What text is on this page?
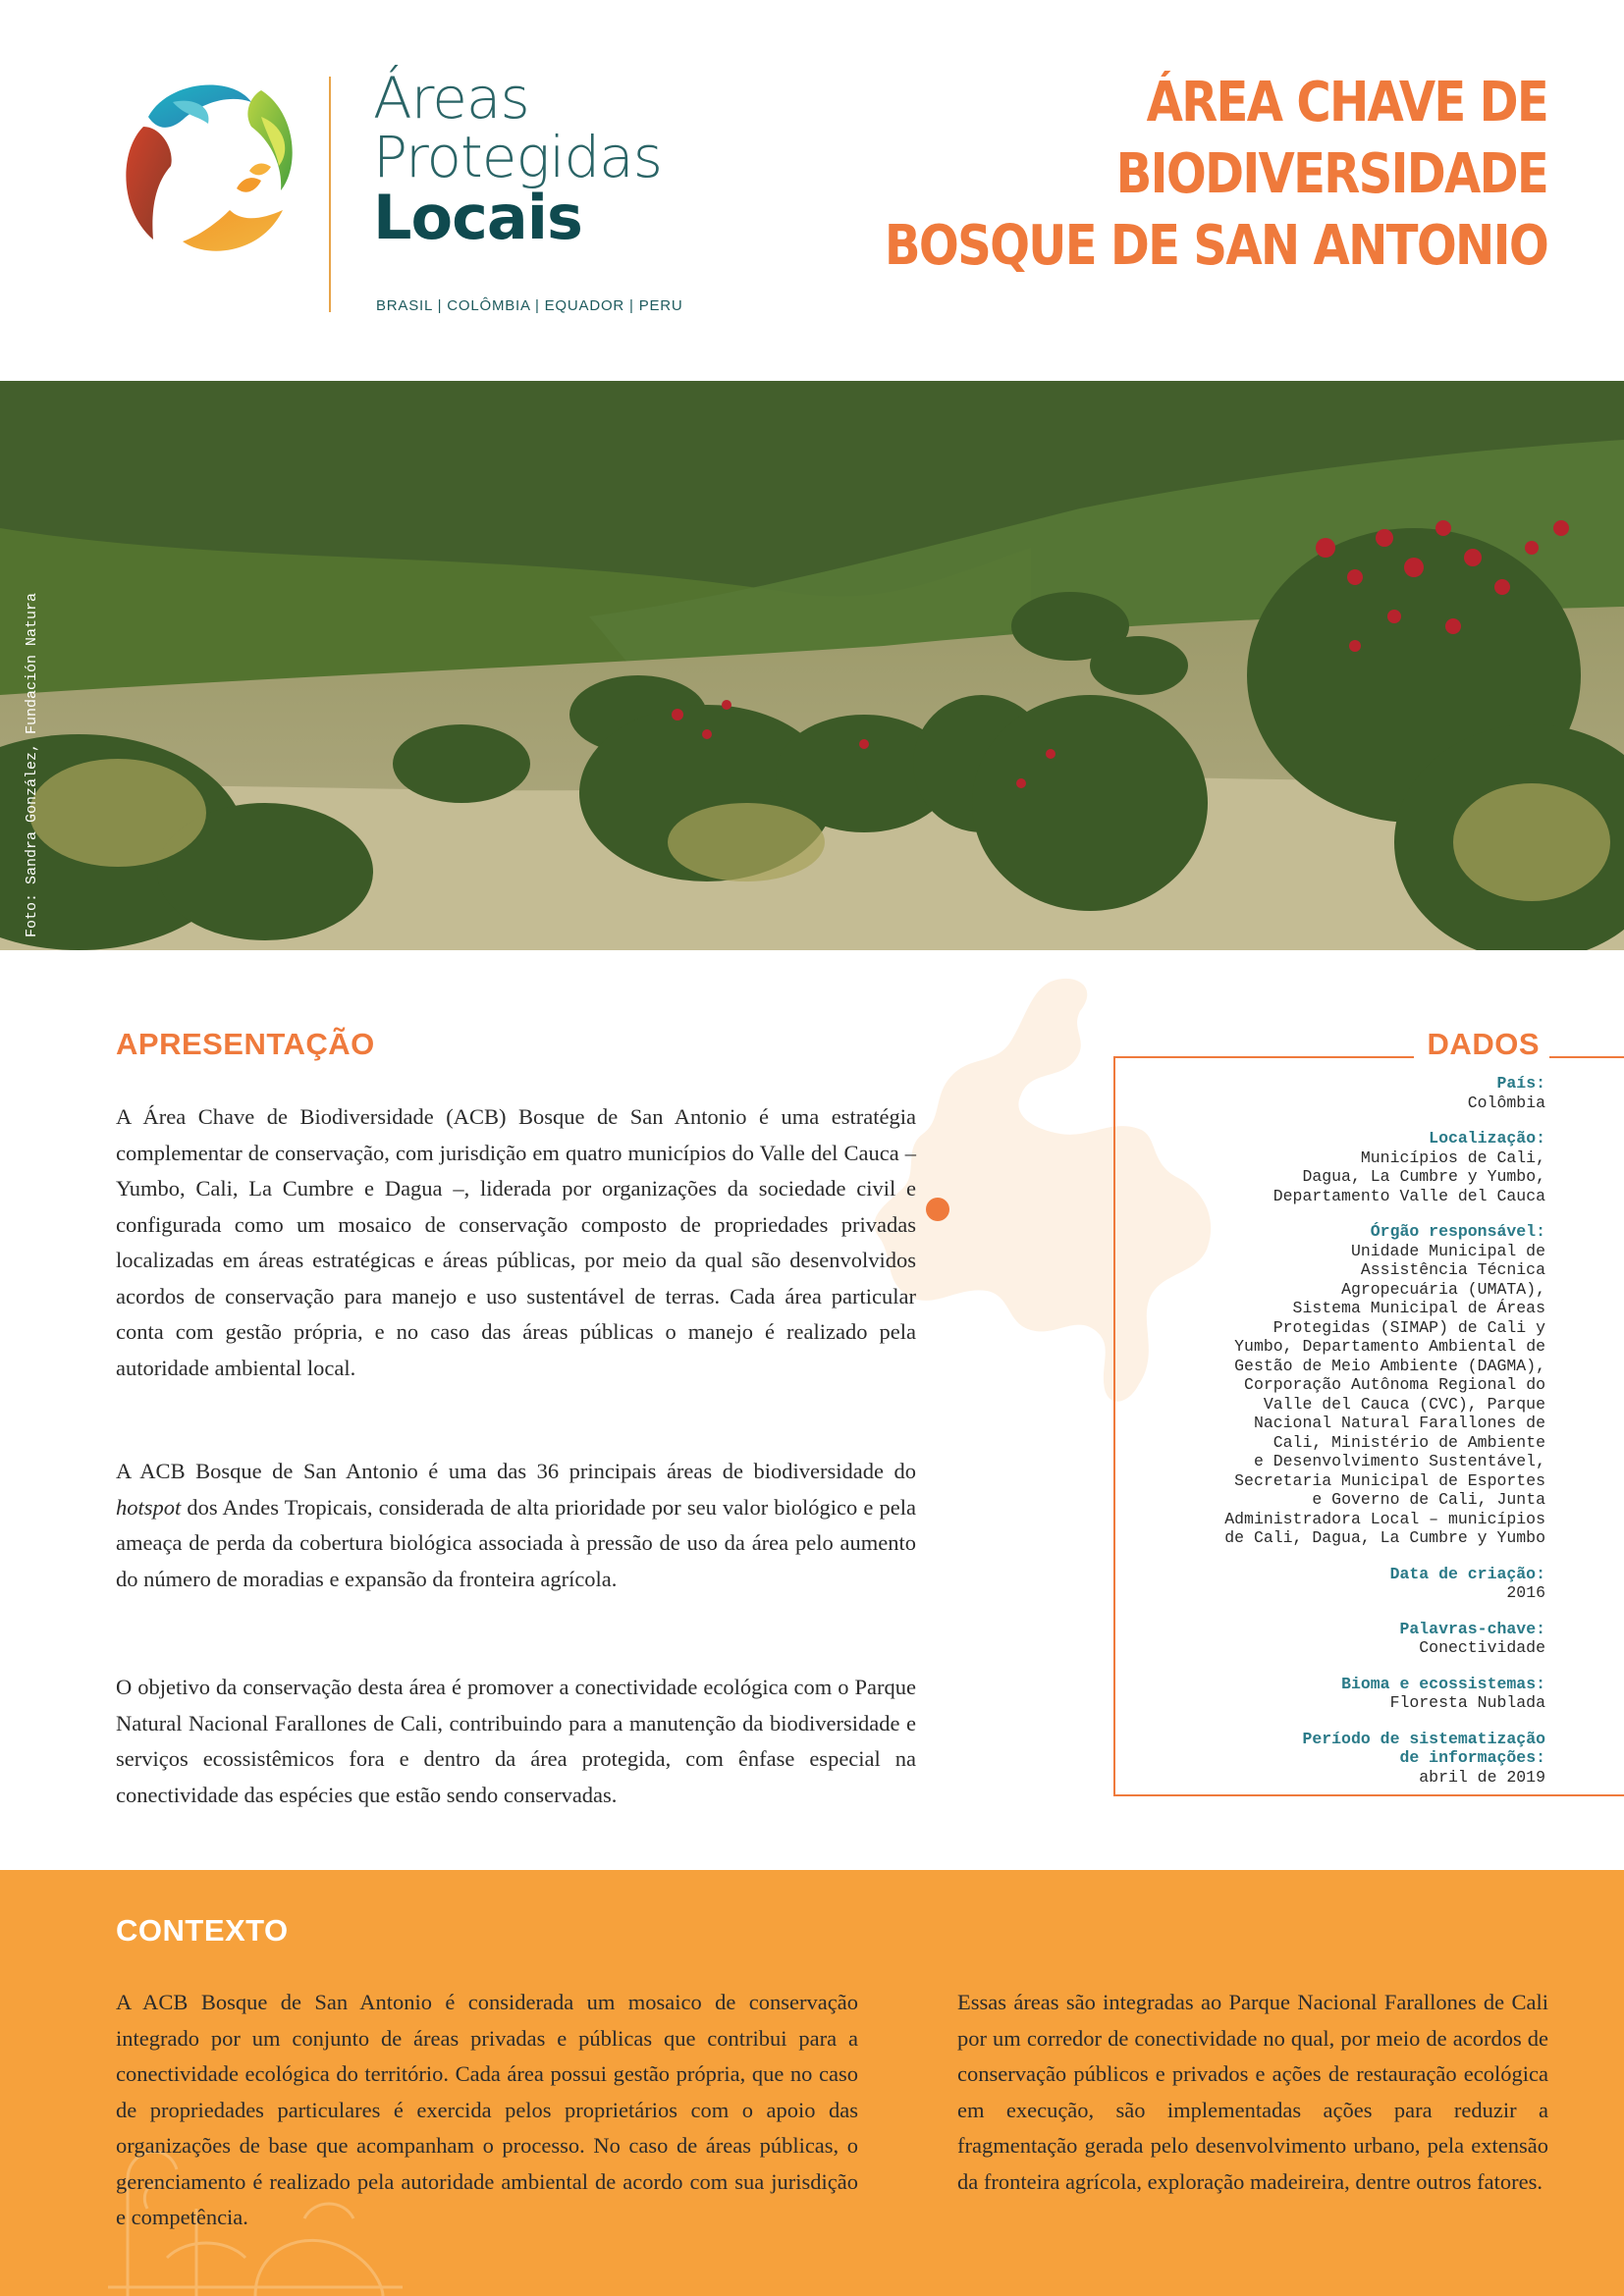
Áreas
Protegidas
Locais
BRASIL | COLÔMBIA | EQUADOR | PERU
ÁREA CHAVE DE
BIODIVERSIDADE
BOSQUE DE SAN ANTONIO
Foto: Sandra González, Fundación Natura
APRESENTAÇÃO

A Área Chave de Biodiversidade (ACB) Bosque de San Antonio é uma estratégia complementar de conservação, com jurisdição em quatro municípios do Valle del Cauca – Yumbo, Cali, La Cumbre e Dagua –, liderada por organizações da sociedade civil e configurada como um mosaico de conservação composto de propriedades privadas localizadas em áreas estratégicas e áreas públicas, por meio da qual são desenvolvidos acordos de conservação para manejo e uso sustentável de terras. Cada área particular conta com gestão própria, e no caso das áreas públicas o manejo é realizado pela autoridade ambiental local.

A ACB Bosque de San Antonio é uma das 36 principais áreas de biodiversidade do hotspot dos Andes Tropicais, considerada de alta prioridade por seu valor biológico e pela ameaça de perda da cobertura biológica associada à pressão de uso da área pelo aumento do número de moradias e expansão da fronteira agrícola.

O objetivo da conservação desta área é promover a conectividade ecológica com o Parque Natural Nacional Farallones de Cali, contribuindo para a manutenção da biodiversidade e serviços ecossistêmicos fora e dentro da área protegida, com ênfase especial na conectividade das espécies que estão sendo conservadas.

DADOS
País:
Colômbia
Localização:
Municípios de Cali,
Dagua, La Cumbre y Yumbo,
Departamento Valle del Cauca
Órgão responsável:
Unidade Municipal de
Assistência Técnica
Agropecuária (UMATA),
Sistema Municipal de Áreas
Protegidas (SIMAP) de Cali y
Yumbo, Departamento Ambiental de
Gestão de Meio Ambiente (DAGMA),
Corporação Autônoma Regional do
Valle del Cauca (CVC), Parque
Nacional Natural Farallones de
Cali, Ministério de Ambiente
e Desenvolvimento Sustentável,
Secretaria Municipal de Esportes
e Governo de Cali, Junta
Administradora Local – municípios
de Cali, Dagua, La Cumbre y Yumbo
Data de criação:
2016
Palavras-chave:
Conectividade
Bioma e ecossistemas:
Floresta Nublada
Período de sistematização
de informações:
abril de 2019
CONTEXTO

A ACB Bosque de San Antonio é considerada um mosaico de conservação integrado por um conjunto de áreas privadas e públicas que contribui para a conectividade ecológica do território. Cada área possui gestão própria, que no caso de propriedades particulares é exercida pelos proprietários com o apoio das organizações de base que acompanham o processo. No caso de áreas públicas, o gerenciamento é realizado pela autoridade ambiental de acordo com sua jurisdição e competência.

Essas áreas são integradas ao Parque Nacional Farallones de Cali por um corredor de conectividade no qual, por meio de acordos de conservação públicos e privados e ações de restauração ecológica em execução, são implementadas ações para reduzir a fragmentação gerada pelo desenvolvimento urbano, pela extensão da fronteira agrícola, exploração madeireira, dentre outros fatores.
